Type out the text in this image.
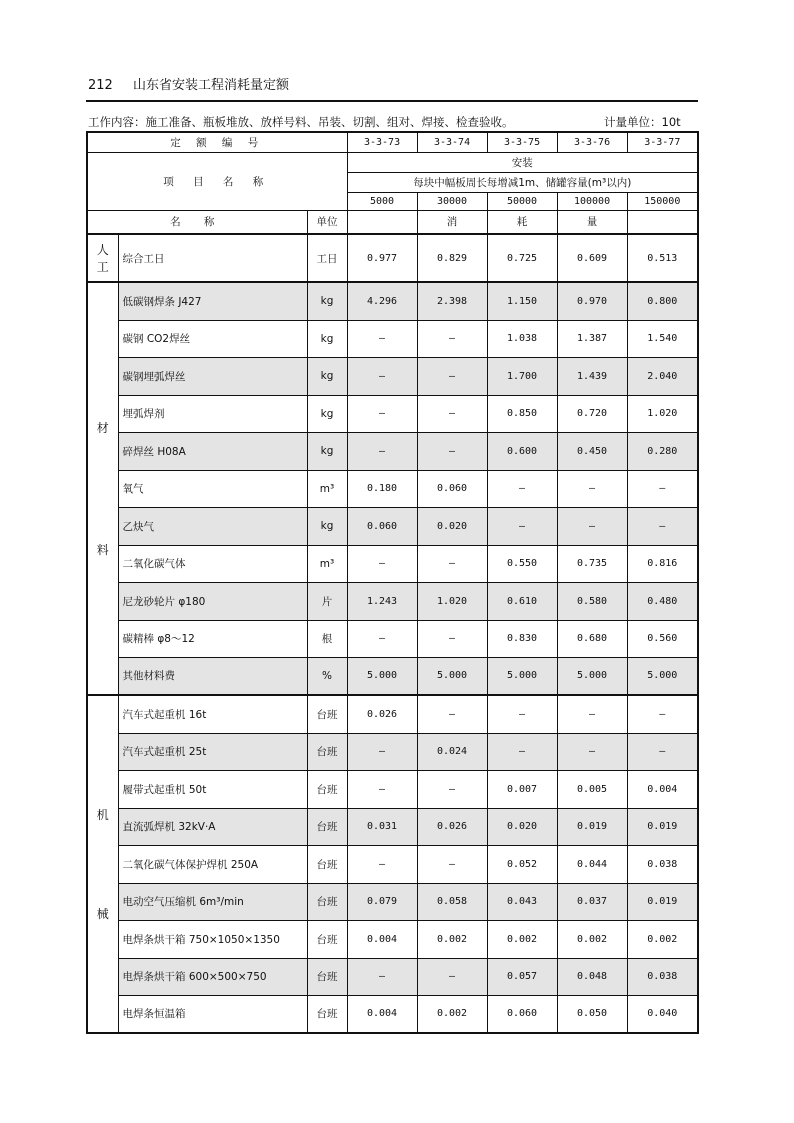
212 山东省安装工程消耗量定额
工作内容：施工准备、瓶板堆放、放样号料、吊装、切割、组对、焊接、检查验收。	计量单位：10t
定 额 编 号			3-3-73	3-3-74	3-3-75	3-3-76	3-3-77
项 目 名 称			安装				
			每块中幅板周长每增减1m、储罐容量(m³以内)				
			5000	30000	50000	100000	150000
名 称		单位		消	耗	量	

人
工	综合工日	工日	0.977	0.829	0.725	0.609	0.513

材
料	低碳钢焊条 J427	kg	4.296	2.398	1.150	0.970	0.800
	碳钢 CO2焊丝	kg	—	—	1.038	1.387	1.540
	碳钢埋弧焊丝	kg	—	—	1.700	1.439	2.040
	埋弧焊剂	kg	—	—	0.850	0.720	1.020
	碎焊丝 H08A	kg	—	—	0.600	0.450	0.280
	氧气	m³	0.180	0.060	—	—	—
	乙炔气	kg	0.060	0.020	—	—	—
	二氧化碳气体	m³	—	—	0.550	0.735	0.816
	尼龙砂轮片 φ180	片	1.243	1.020	0.610	0.580	0.480
	碳精棒 φ8～12	根	—	—	0.830	0.680	0.560
	其他材料费	%	5.000	5.000	5.000	5.000	5.000

机
械	汽车式起重机 16t	台班	0.026	—	—	—	—
	汽车式起重机 25t	台班	—	0.024	—	—	—
	履带式起重机 50t	台班	—	—	0.007	0.005	0.004
	直流弧焊机 32kV·A	台班	0.031	0.026	0.020	0.019	0.019
	二氧化碳气体保护焊机 250A	台班	—	—	0.052	0.044	0.038
	电动空气压缩机 6m³/min	台班	0.079	0.058	0.043	0.037	0.019
	电焊条烘干箱 750×1050×1350	台班	0.004	0.002	0.002	0.002	0.002
	电焊条烘干箱 600×500×750	台班	—	—	0.057	0.048	0.038
	电焊条恒温箱	台班	0.004	0.002	0.060	0.050	0.040
